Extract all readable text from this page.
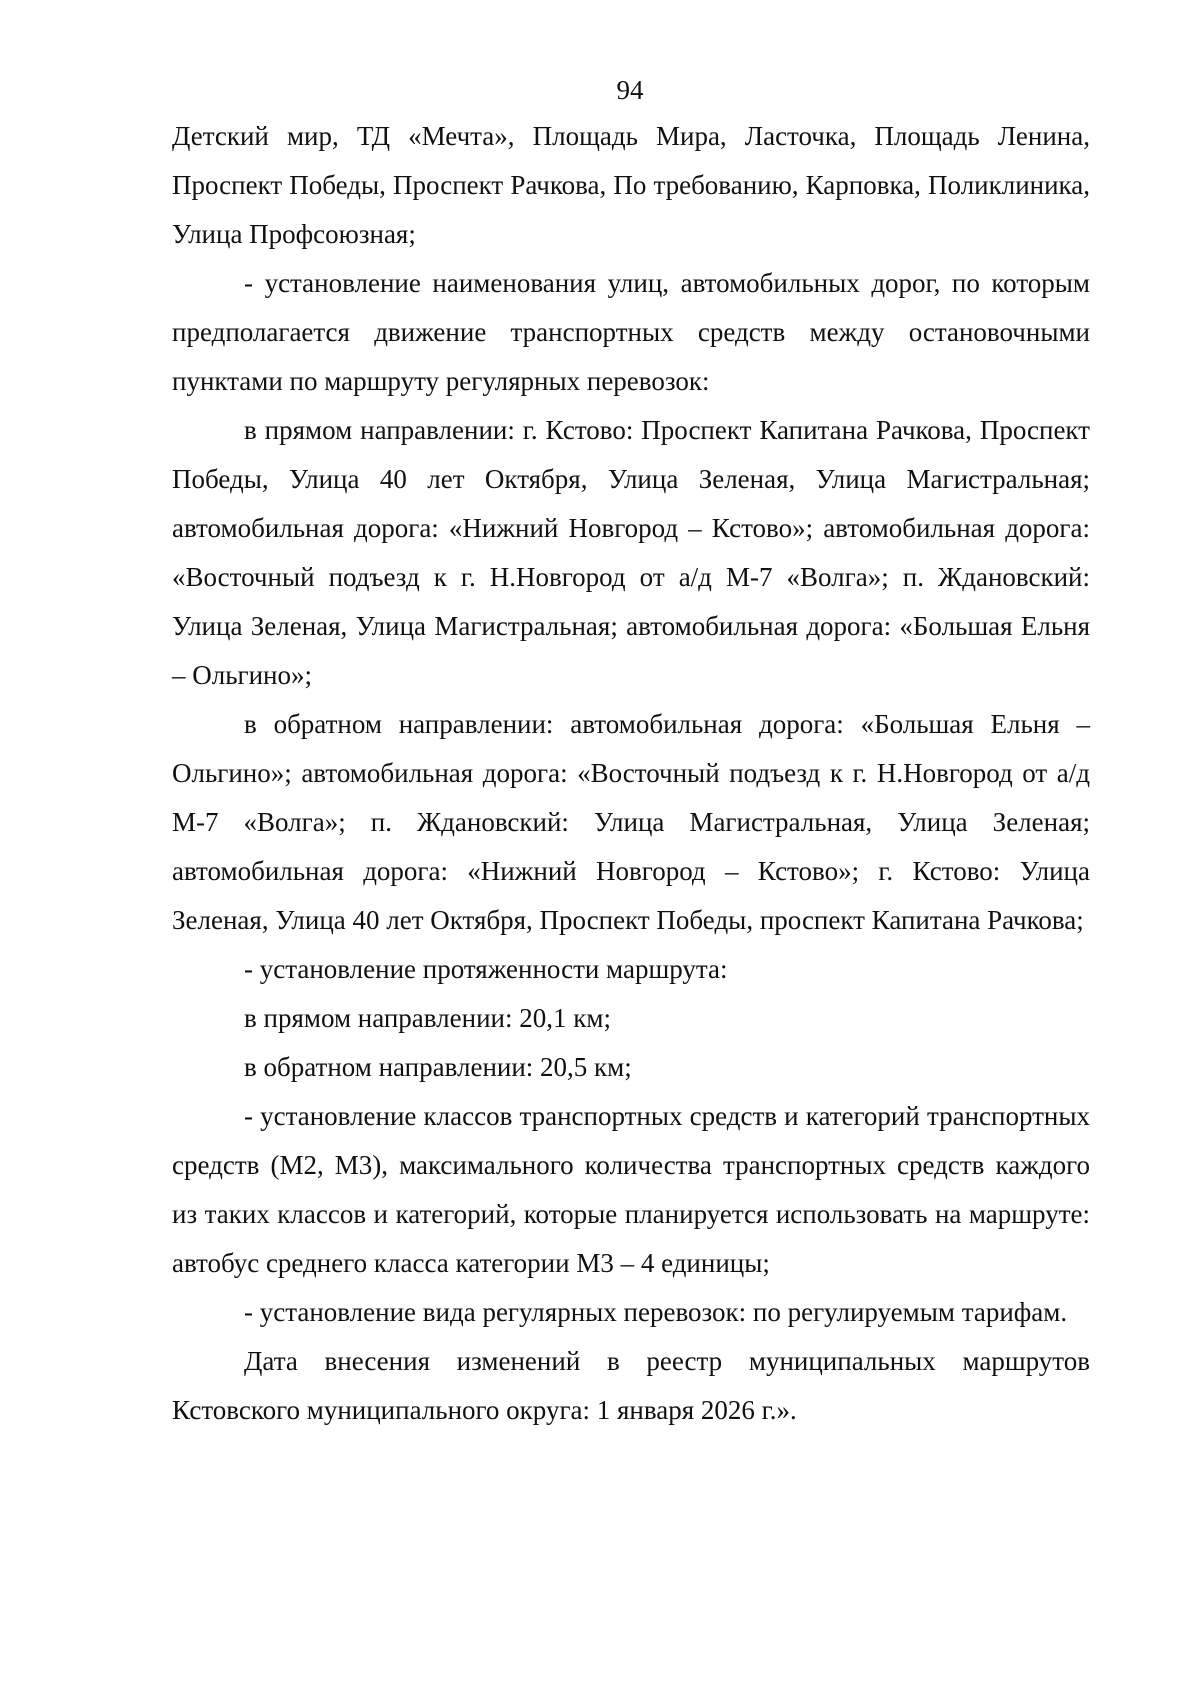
94

Детский мир, ТД «Мечта», Площадь Мира, Ласточка, Площадь Ленина, Проспект Победы, Проспект Рачкова, По требованию, Карповка, Поликлиника, Улица Профсоюзная;

- установление наименования улиц, автомобильных дорог, по которым предполагается движение транспортных средств между остановочными пунктами по маршруту регулярных перевозок:

в прямом направлении: г. Кстово: Проспект Капитана Рачкова, Проспект Победы, Улица 40 лет Октября, Улица Зеленая, Улица Магистральная; автомобильная дорога: «Нижний Новгород – Кстово»; автомобильная дорога: «Восточный подъезд к г. Н.Новгород от а/д М-7 «Волга»; п. Ждановский: Улица Зеленая, Улица Магистральная; автомобильная дорога: «Большая Ельня – Ольгино»;

в обратном направлении: автомобильная дорога: «Большая Ельня –Ольгино»; автомобильная дорога: «Восточный подъезд к г. Н.Новгород от а/д М-7 «Волга»; п. Ждановский: Улица Магистральная, Улица Зеленая; автомобильная дорога: «Нижний Новгород – Кстово»; г. Кстово: Улица Зеленая, Улица 40 лет Октября, Проспект Победы, проспект Капитана Рачкова;

- установление протяженности маршрута:

в прямом направлении: 20,1 км;

в обратном направлении: 20,5 км;

- установление классов транспортных средств и категорий транспортных средств (М2, М3), максимального количества транспортных средств каждого из таких классов и категорий, которые планируется использовать на маршруте: автобус среднего класса категории М3 – 4 единицы;

- установление вида регулярных перевозок: по регулируемым тарифам.

Дата внесения изменений в реестр муниципальных маршрутов Кстовского муниципального округа: 1 января 2026 г.».
